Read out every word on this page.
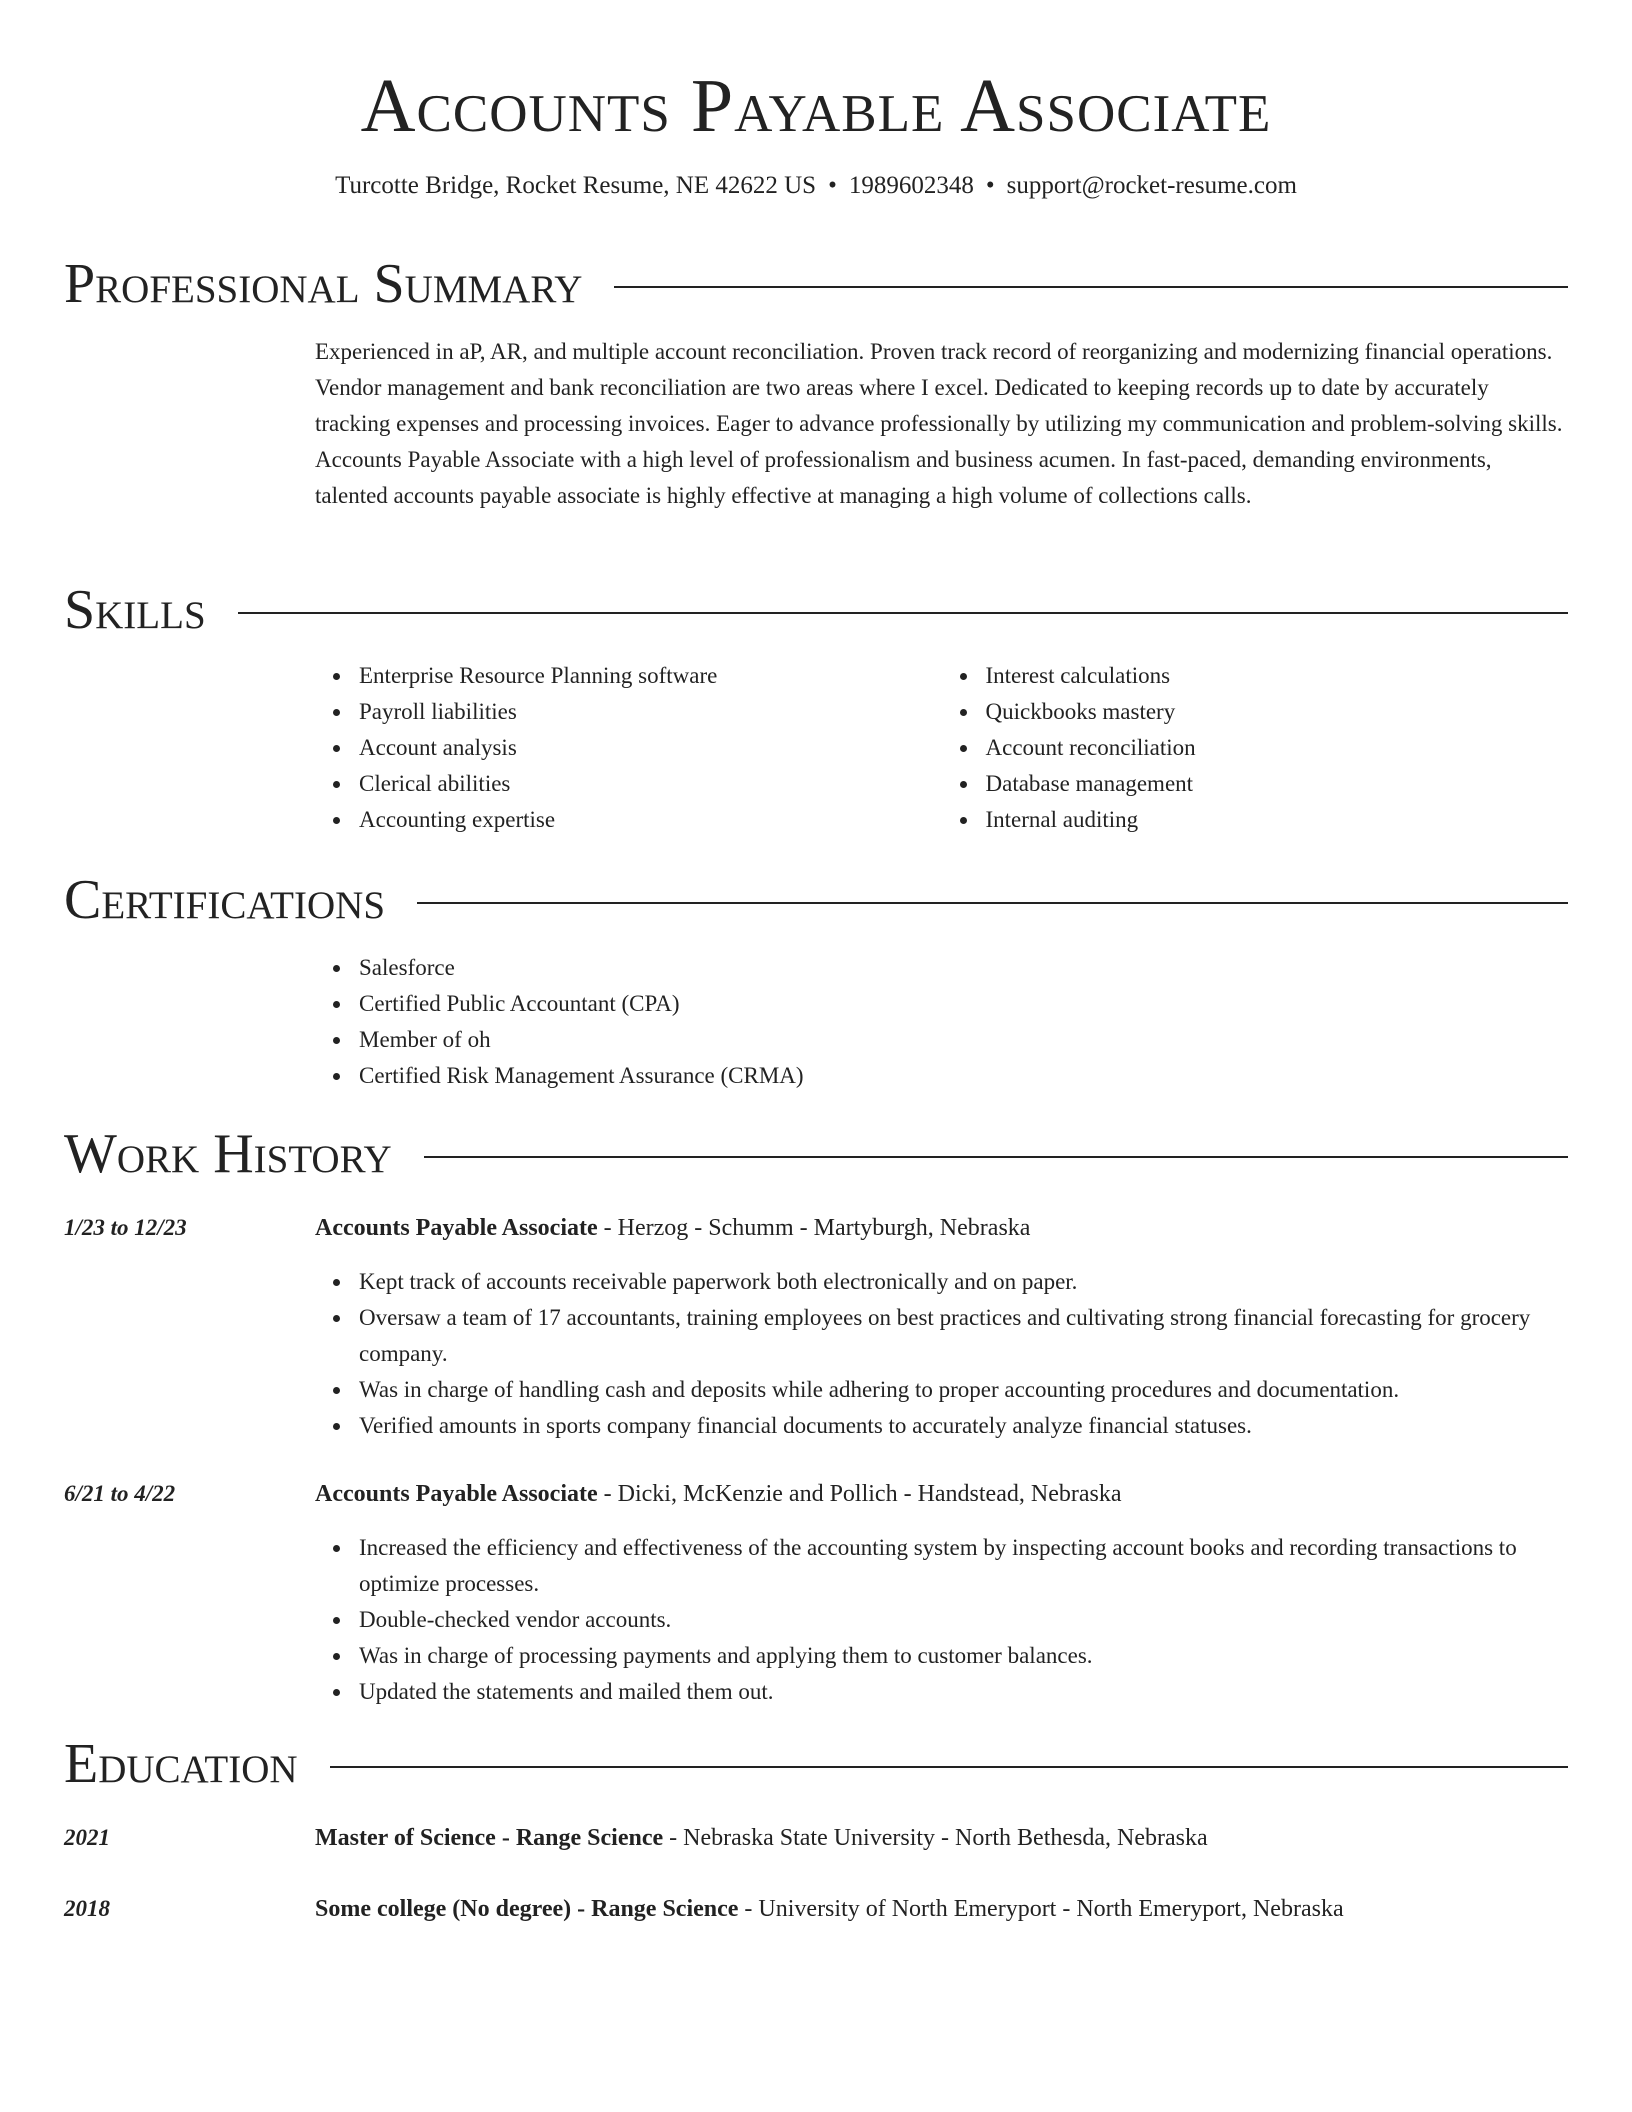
Accounts Payable Associate
Turcotte Bridge, Rocket Resume, NE 42622 US • 1989602348 • support@rocket-resume.com
Professional Summary

Experienced in aP, AR, and multiple account reconciliation. Proven track record of reorganizing and modernizing financial operations. Vendor management and bank reconciliation are two areas where I excel. Dedicated to keeping records up to date by accurately tracking expenses and processing invoices. Eager to advance professionally by utilizing my communication and problem-solving skills. Accounts Payable Associate with a high level of professionalism and business acumen. In fast-paced, demanding environments, talented accounts payable associate is highly effective at managing a high volume of collections calls.

Skills
Enterprise Resource Planning software
Payroll liabilities
Account analysis
Clerical abilities
Accounting expertise
Interest calculations
Quickbooks mastery
Account reconciliation
Database management
Internal auditing
Certifications
Salesforce
Certified Public Accountant (CPA)
Member of oh
Certified Risk Management Assurance (CRMA)
Work History
1/23 to 12/23	Accounts Payable Associate - Herzog - Schumm - Martyburgh, Nebraska
Kept track of accounts receivable paperwork both electronically and on paper.
Oversaw a team of 17 accountants, training employees on best practices and cultivating strong financial forecasting for grocery company.
Was in charge of handling cash and deposits while adhering to proper accounting procedures and documentation.
Verified amounts in sports company financial documents to accurately analyze financial statuses.
6/21 to 4/22	Accounts Payable Associate - Dicki, McKenzie and Pollich - Handstead, Nebraska
Increased the efficiency and effectiveness of the accounting system by inspecting account books and recording transactions to optimize processes.
Double-checked vendor accounts.
Was in charge of processing payments and applying them to customer balances.
Updated the statements and mailed them out.
Education
2021	Master of Science - Range Science - Nebraska State University - North Bethesda, Nebraska
2018	Some college (No degree) - Range Science - University of North Emeryport - North Emeryport, Nebraska
